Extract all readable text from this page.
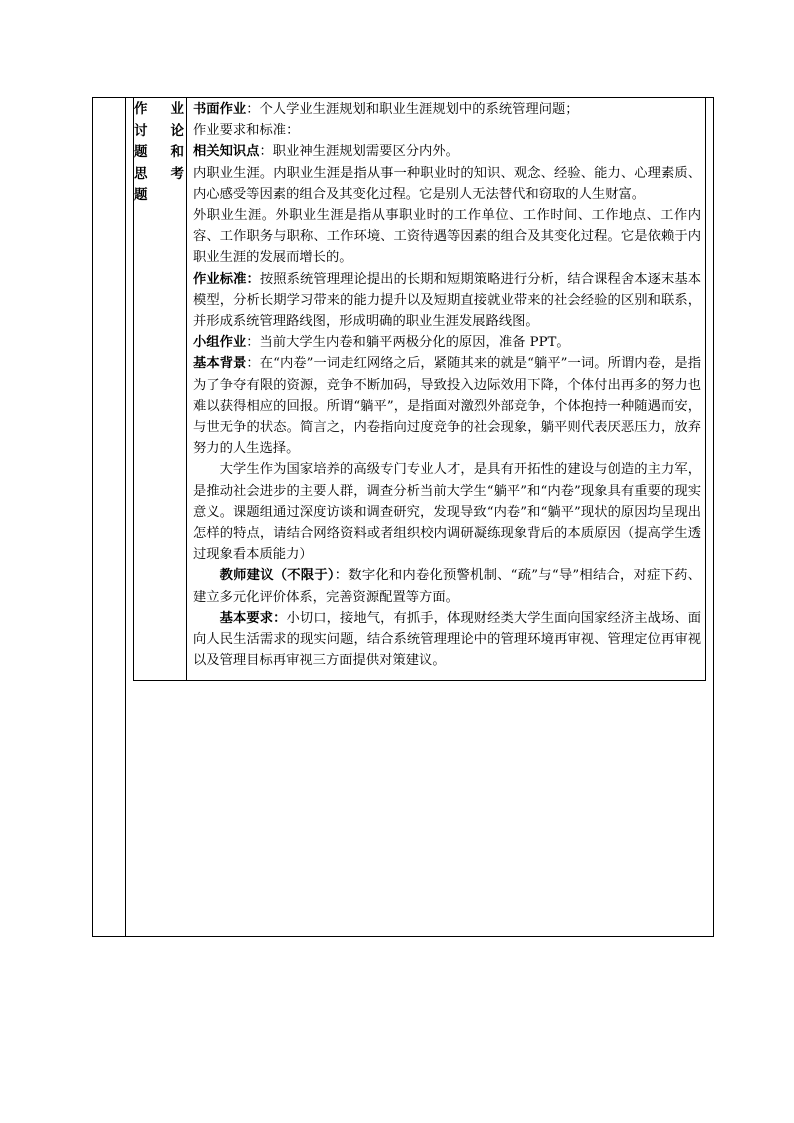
作 业
讨 论
题 和
思 考
题

书面作业：个人学业生涯规划和职业生涯规划中的系统管理问题；

作业要求和标准：

相关知识点：职业神生涯规划需要区分内外。

内职业生涯。内职业生涯是指从事一种职业时的知识、观念、经验、能力、心理素质、内心感受等因素的组合及其变化过程。它是别人无法替代和窃取的人生财富。

外职业生涯。外职业生涯是指从事职业时的工作单位、工作时间、工作地点、工作内容、工作职务与职称、工作环境、工资待遇等因素的组合及其变化过程。它是依赖于内职业生涯的发展而增长的。

作业标准：按照系统管理理论提出的长期和短期策略进行分析，结合课程舍本逐末基本模型，分析长期学习带来的能力提升以及短期直接就业带来的社会经验的区别和联系，并形成系统管理路线图，形成明确的职业生涯发展路线图。

小组作业：当前大学生内卷和躺平两极分化的原因，准备 PPT。

基本背景：在“内卷”一词走红网络之后，紧随其来的就是“躺平”一词。所谓内卷，是指为了争夺有限的资源，竞争不断加码，导致投入边际效用下降，个体付出再多的努力也难以获得相应的回报。所谓“躺平”，是指面对激烈外部竞争，个体抱持一种随遇而安，与世无争的状态。简言之，内卷指向过度竞争的社会现象，躺平则代表厌恶压力，放弃努力的人生选择。

大学生作为国家培养的高级专门专业人才，是具有开拓性的建设与创造的主力军，是推动社会进步的主要人群，调查分析当前大学生“躺平”和“内卷”现象具有重要的现实意义。课题组通过深度访谈和调查研究，发现导致“内卷”和“躺平”现状的原因均呈现出怎样的特点，请结合网络资料或者组织校内调研凝练现象背后的本质原因（提高学生透过现象看本质能力）

教师建议（不限于）：数字化和内卷化预警机制、“疏”与“导”相结合，对症下药、建立多元化评价体系，完善资源配置等方面。

基本要求：小切口，接地气，有抓手，体现财经类大学生面向国家经济主战场、面向人民生活需求的现实问题，结合系统管理理论中的管理环境再审视、管理定位再审视以及管理目标再审视三方面提供对策建议。
